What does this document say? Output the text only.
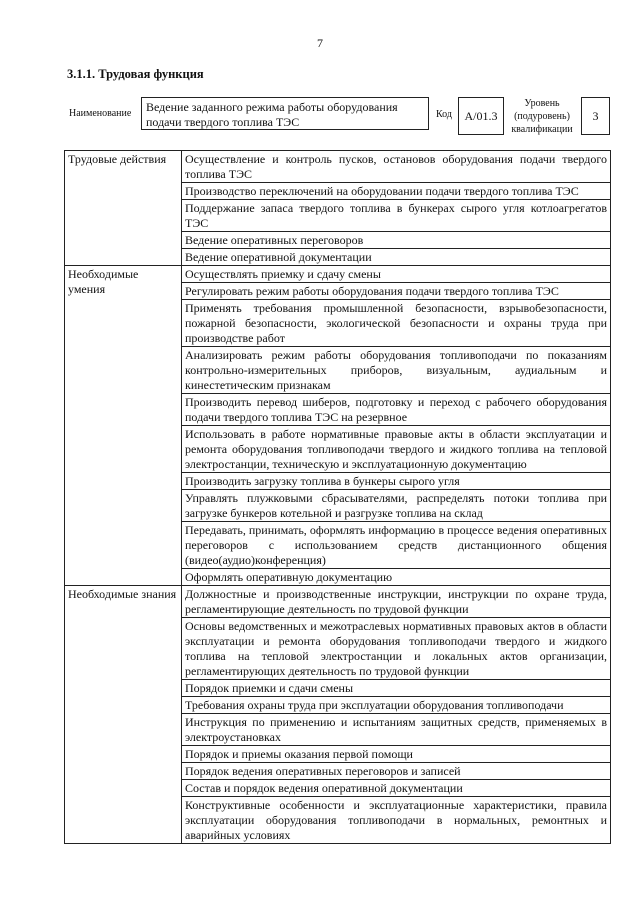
7
3.1.1. Трудовая функция
Наименование	Ведение заданного режима работы оборудования подачи твердого топлива ТЭС
Код	А/01.3
Уровень (подуровень) квалификации
3
Трудовые действия	Осуществление и контроль пусков, остановов оборудования подачи твердого топлива ТЭС
	Производство переключений на оборудовании подачи твердого топлива ТЭС
	Поддержание запаса твердого топлива в бункерах сырого угля котлоагрегатов ТЭС
	Ведение оперативных переговоров
	Ведение оперативной документации
Необходимые умения	Осуществлять приемку и сдачу смены
	Регулировать режим работы оборудования подачи твердого топлива ТЭС
	Применять требования промышленной безопасности, взрывобезопасности, пожарной безопасности, экологической безопасности и охраны труда при производстве работ
	Анализировать режим работы оборудования топливоподачи по показаниям контрольно-измерительных приборов, визуальным, аудиальным и кинестетическим признакам
	Производить перевод шиберов, подготовку и переход с рабочего оборудования подачи твердого топлива ТЭС на резервное
	Использовать в работе нормативные правовые акты в области эксплуатации и ремонта оборудования топливоподачи твердого и жидкого топлива на тепловой электростанции, техническую и эксплуатационную документацию
	Производить загрузку топлива в бункеры сырого угля
	Управлять плужковыми сбрасывателями, распределять потоки топлива при загрузке бункеров котельной и разгрузке топлива на склад
	Передавать, принимать, оформлять информацию в процессе ведения оперативных переговоров с использованием средств дистанционного общения (видео(аудио)конференция)
	Оформлять оперативную документацию
Необходимые знания	Должностные и производственные инструкции, инструкции по охране труда, регламентирующие деятельность по трудовой функции
	Основы ведомственных и межотраслевых нормативных правовых актов в области эксплуатации и ремонта оборудования топливоподачи твердого и жидкого топлива на тепловой электростанции и локальных актов организации, регламентирующих деятельность по трудовой функции
	Порядок приемки и сдачи смены
	Требования охраны труда при эксплуатации оборудования топливоподачи
	Инструкция по применению и испытаниям защитных средств, применяемых в электроустановках
	Порядок и приемы оказания первой помощи
	Порядок ведения оперативных переговоров и записей
	Состав и порядок ведения оперативной документации
	Конструктивные особенности и эксплуатационные характеристики, правила эксплуатации оборудования топливоподачи в нормальных, ремонтных и аварийных условиях
